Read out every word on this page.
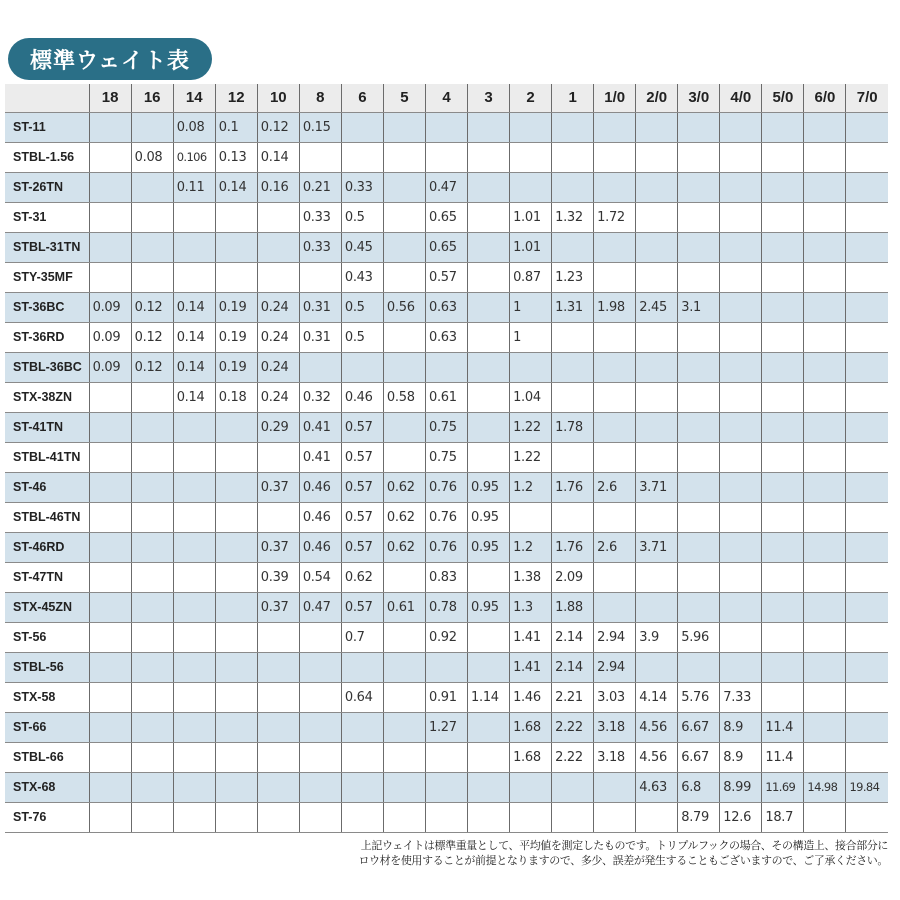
標準ウェイト表
	18	16	14	12	10	8	6	5	4	3	2	1	1/0	2/0	3/0	4/0	5/0	6/0	7/0
ST-11			0.08	0.1	0.12	0.15													
STBL-1.56		0.08	0.106	0.13	0.14														
ST-26TN			0.11	0.14	0.16	0.21	0.33		0.47										
ST-31						0.33	0.5		0.65		1.01	1.32	1.72						
STBL-31TN						0.33	0.45		0.65		1.01								
STY-35MF							0.43		0.57		0.87	1.23							
ST-36BC	0.09	0.12	0.14	0.19	0.24	0.31	0.5	0.56	0.63		1	1.31	1.98	2.45	3.1				
ST-36RD	0.09	0.12	0.14	0.19	0.24	0.31	0.5		0.63		1								
STBL-36BC	0.09	0.12	0.14	0.19	0.24														
STX-38ZN			0.14	0.18	0.24	0.32	0.46	0.58	0.61		1.04								
ST-41TN					0.29	0.41	0.57		0.75		1.22	1.78							
STBL-41TN						0.41	0.57		0.75		1.22								
ST-46					0.37	0.46	0.57	0.62	0.76	0.95	1.2	1.76	2.6	3.71					
STBL-46TN						0.46	0.57	0.62	0.76	0.95									
ST-46RD					0.37	0.46	0.57	0.62	0.76	0.95	1.2	1.76	2.6	3.71					
ST-47TN					0.39	0.54	0.62		0.83		1.38	2.09							
STX-45ZN					0.37	0.47	0.57	0.61	0.78	0.95	1.3	1.88							
ST-56							0.7		0.92		1.41	2.14	2.94	3.9	5.96				
STBL-56											1.41	2.14	2.94						
STX-58							0.64		0.91	1.14	1.46	2.21	3.03	4.14	5.76	7.33			
ST-66									1.27		1.68	2.22	3.18	4.56	6.67	8.9	11.4		
STBL-66											1.68	2.22	3.18	4.56	6.67	8.9	11.4		
STX-68														4.63	6.8	8.99	11.69	14.98	19.84
ST-76															8.79	12.6	18.7		
上記ウェイトは標準重量として、平均値を測定したものです。トリプルフックの場合、その構造上、接合部分に
ロウ材を使用することが前提となりますので、多少、誤差が発生することもございますので、ご了承ください。
